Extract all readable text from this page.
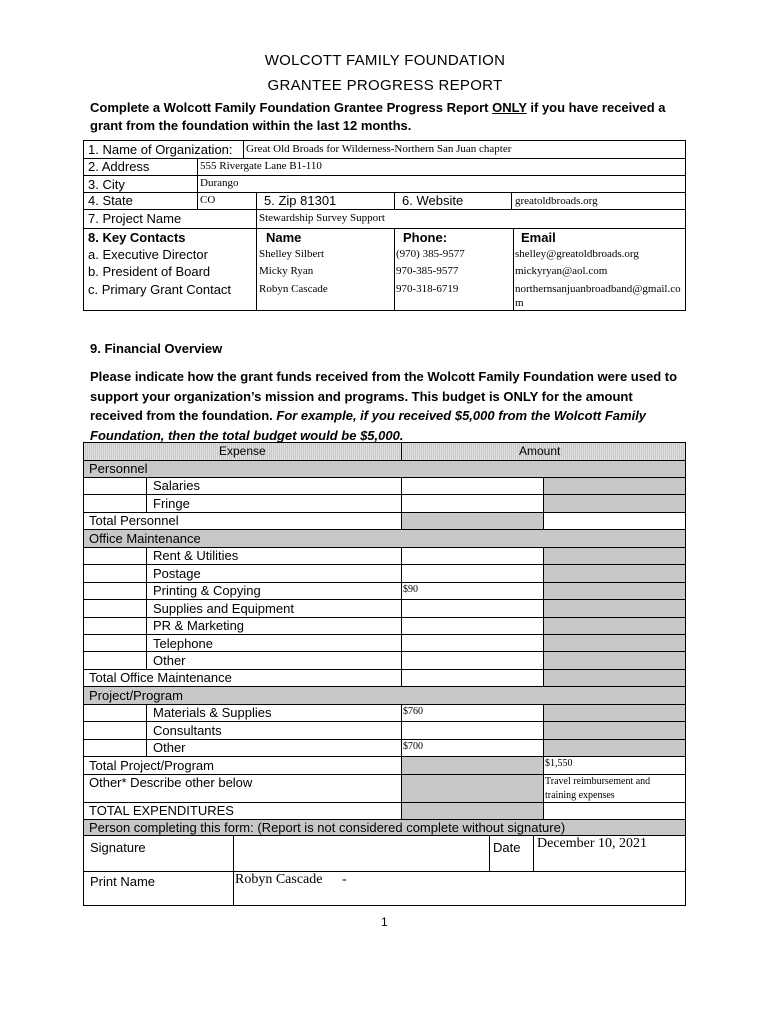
WOLCOTT FAMILY FOUNDATION
GRANTEE PROGRESS REPORT
Complete a Wolcott Family Foundation Grantee Progress Report ONLY if you have received a grant from the foundation within the last 12 months.
1. Name of Organization: Great Old Broads for Wilderness-Northern San Juan chapter
2. Address	555 Rivergate Lane B1-110
3. City	Durango
4. State	CO	5. Zip 81301	6. Website	greatoldbroads.org
7. Project Name	Stewardship Survey Support
8. Key Contacts	Name	Phone:	Email
a. Executive Director	Shelley Silbert	(970) 385-9577	shelley@greatoldbroads.org
b. President of Board	Micky Ryan	970-385-9577	mickyryan@aol.com
c. Primary Grant Contact	Robyn Cascade	970-318-6719	northernsanjuanbroadband@gmail.com
9. Financial Overview
Please indicate how the grant funds received from the Wolcott Family Foundation were used to support your organization’s mission and programs. This budget is ONLY for the amount received from the foundation. For example, if you received $5,000 from the Wolcott Family Foundation, then the total budget would be $5,000.
Signature	Date December 10, 2021
Print Name	Robyn Cascade -
1
Expense	Amount
Personnel
Salaries
Fringe
Total Personnel
Office Maintenance
Rent & Utilities
Postage
Printing & Copying	$90
Supplies and Equipment
PR & Marketing
Telephone
Other
Total Office Maintenance
Project/Program
Materials & Supplies	$760
Consultants
Other	$700
Total Project/Program	$1,550
Other* Describe other below	Travel reimbursement and training expenses
TOTAL EXPENDITURES
Person completing this form: (Report is not considered complete without signature)
